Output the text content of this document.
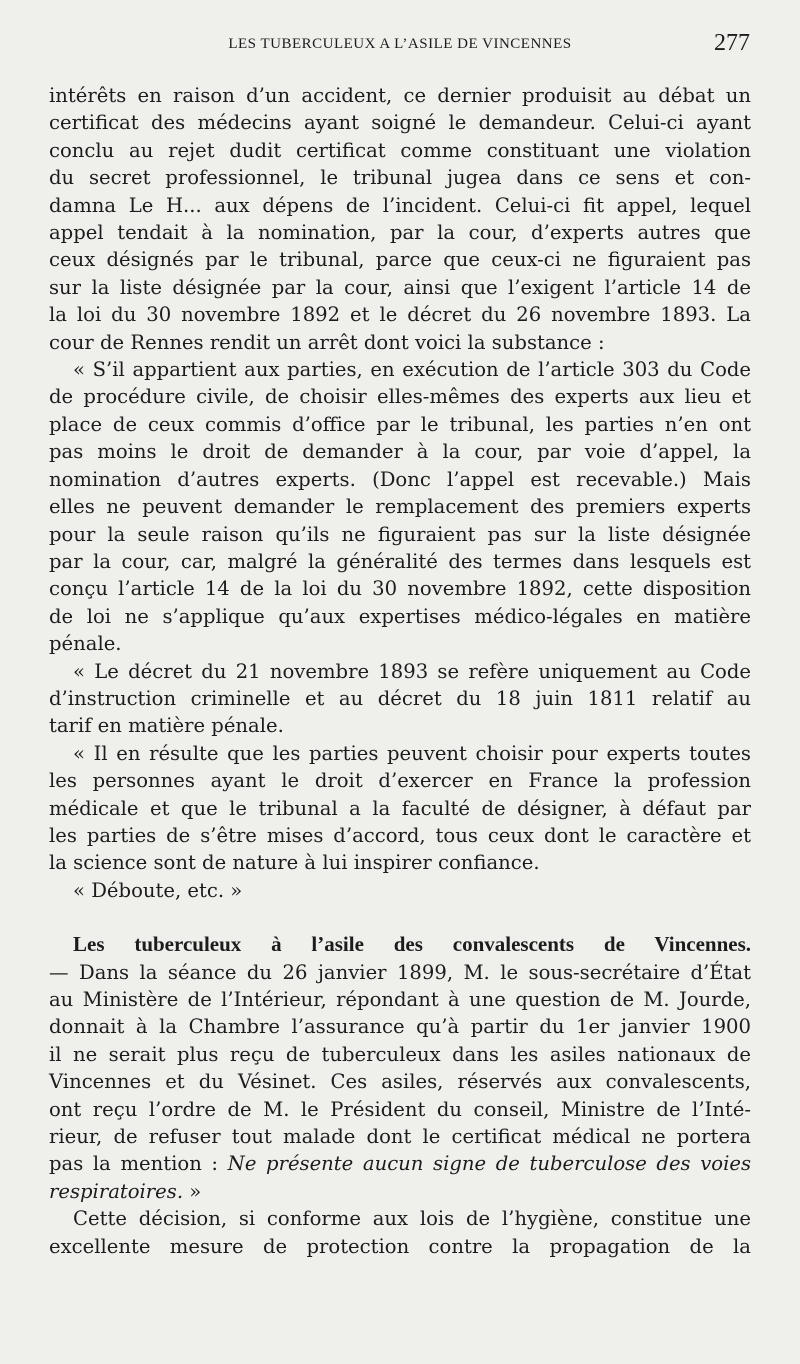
LES TUBERCULEUX A L’ASILE DE VINCENNES	277
intérêts en raison d’un accident, ce dernier produisit au débat un
certificat des médecins ayant soigné le demandeur. Celui-ci ayant
conclu au rejet dudit certificat comme constituant une violation
du secret professionnel, le tribunal jugea dans ce sens et con-
damna Le H... aux dépens de l’incident. Celui-ci fit appel, lequel
appel tendait à la nomination, par la cour, d’experts autres que
ceux désignés par le tribunal, parce que ceux-ci ne figuraient pas
sur la liste désignée par la cour, ainsi que l’exigent l’article 14 de
la loi du 30 novembre 1892 et le décret du 26 novembre 1893. La
cour de Rennes rendit un arrêt dont voici la substance :
« S’il appartient aux parties, en exécution de l’article 303 du Code
de procédure civile, de choisir elles-mêmes des experts aux lieu et
place de ceux commis d’office par le tribunal, les parties n’en ont
pas moins le droit de demander à la cour, par voie d’appel, la
nomination d’autres experts. (Donc l’appel est recevable.) Mais
elles ne peuvent demander le remplacement des premiers experts
pour la seule raison qu’ils ne figuraient pas sur la liste désignée
par la cour, car, malgré la généralité des termes dans lesquels est
conçu l’article 14 de la loi du 30 novembre 1892, cette disposition
de loi ne s’applique qu’aux expertises médico-légales en matière
pénale.
« Le décret du 21 novembre 1893 se refère uniquement au Code
d’instruction criminelle et au décret du 18 juin 1811 relatif au
tarif en matière pénale.
« Il en résulte que les parties peuvent choisir pour experts toutes
les personnes ayant le droit d’exercer en France la profession
médicale et que le tribunal a la faculté de désigner, à défaut par
les parties de s’être mises d’accord, tous ceux dont le caractère et
la science sont de nature à lui inspirer confiance.
« Déboute, etc. »
Les tuberculeux à l’asile des convalescents de Vincennes.
— Dans la séance du 26 janvier 1899, M. le sous-secrétaire d’État
au Ministère de l’Intérieur, répondant à une question de M. Jourde,
donnait à la Chambre l’assurance qu’à partir du 1er janvier 1900
il ne serait plus reçu de tuberculeux dans les asiles nationaux de
Vincennes et du Vésinet. Ces asiles, réservés aux convalescents,
ont reçu l’ordre de M. le Président du conseil, Ministre de l’Inté-
rieur, de refuser tout malade dont le certificat médical ne portera
pas la mention : Ne présente aucun signe de tuberculose des voies
respiratoires. »
Cette décision, si conforme aux lois de l’hygiène, constitue une
excellente mesure de protection contre la propagation de la
